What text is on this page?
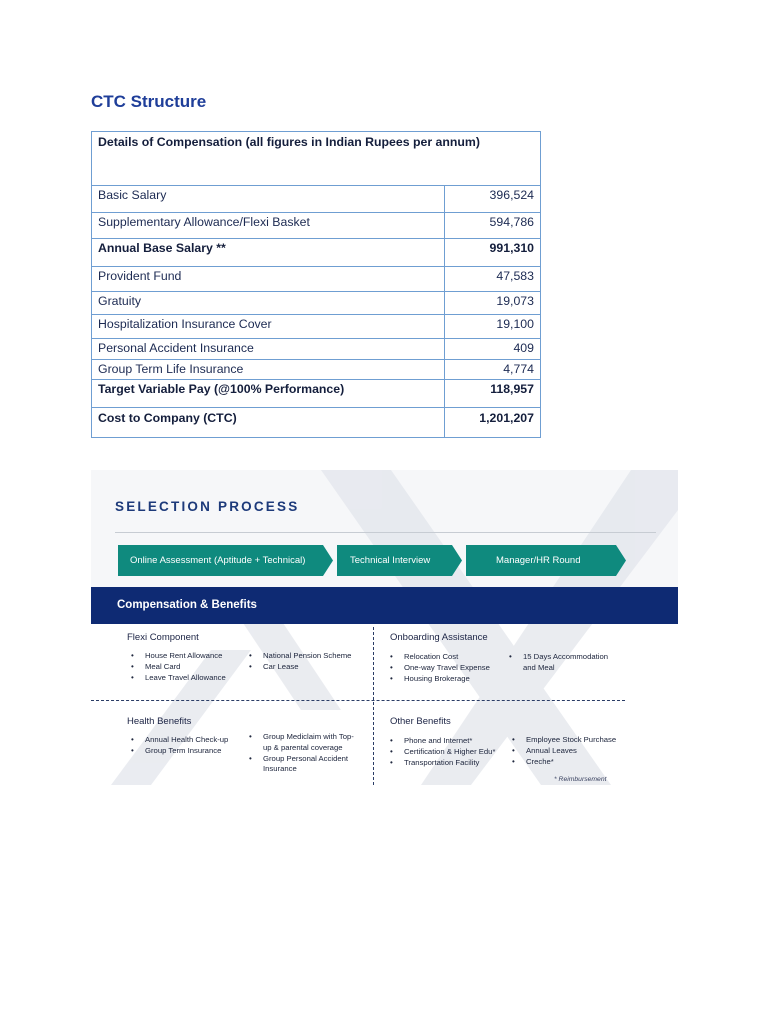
CTC Structure
Details of Compensation (all figures in Indian Rupees per annum)	
Basic Salary	396,524
Supplementary Allowance/Flexi Basket	594,786
Annual Base Salary **	991,310
Provident Fund	47,583
Gratuity	19,073
Hospitalization Insurance Cover	19,100
Personal Accident Insurance	409
Group Term Life Insurance	4,774
Target Variable Pay (@100% Performance)	118,957
Cost to Company (CTC)	1,201,207
SELECTION PROCESS
Online Assessment (Aptitude + Technical)	Technical Interview	Manager/HR Round
Compensation & Benefits
Flexi Component
• House Rent Allowance
• Meal Card
• Leave Travel Allowance
• National Pension Scheme
• Car Lease
Onboarding Assistance
• Relocation Cost
• One-way Travel Expense
• Housing Brokerage
• 15 Days Accommodation and Meal
Health Benefits
• Annual Health Check-up
• Group Term Insurance
• Group Mediclaim with Top-up & parental coverage
• Group Personal Accident Insurance
Other Benefits
• Phone and Internet*
• Certification & Higher Edu*
• Transportation Facility
• Employee Stock Purchase
• Annual Leaves
• Creche*
* Reimbursement
